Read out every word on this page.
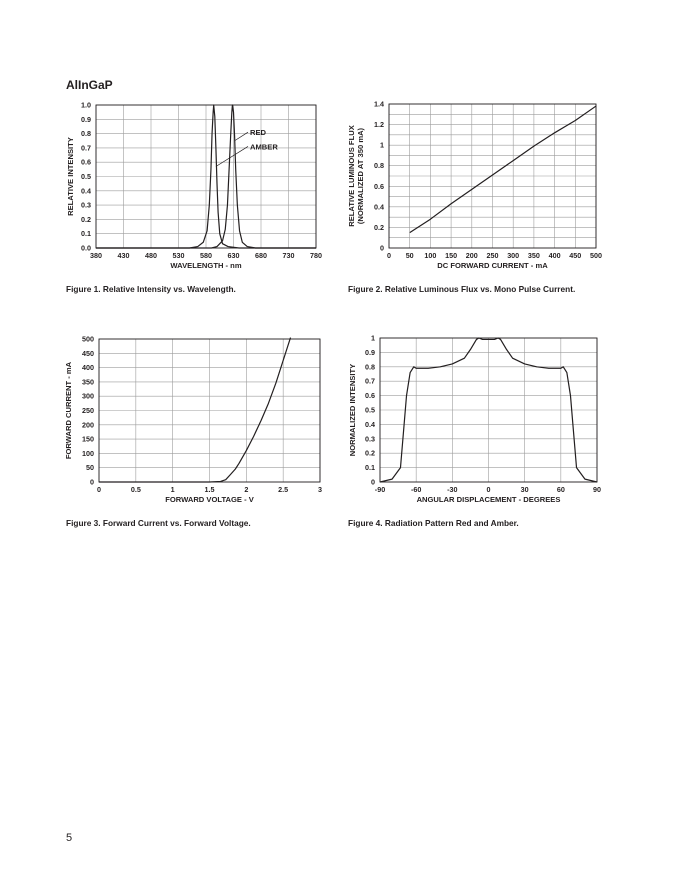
AlInGaP
380 430 480 530 580 630 680 730 780
0.0
0.1
0.2
0.3
0.4
0.5
0.6
0.7
0.8
0.9
1.0
WAVELENGTH - nm
RELATIVE INTENSITY
RED
AMBER
0 50 100 150 200 250 300 350 400 450 500
0
0.2
0.4
0.6
0.8
1
1.2
1.4
DC FORWARD CURRENT - mA
RELATIVE LUMINOUS FLUX (NORMALIZED AT 350 mA)
0	0.5	1	1.5	2	2.5	3
0
50
100
150
200
250
300
350
400
450
500
FORWARD VOLTAGE - V
FORWARD CURRENT - mA
-90	-60	-30	0	30	60	90
0
0.1
0.2
0.3
0.4
0.5
0.6
0.7
0.8
0.9
1
ANGULAR DISPLACEMENT - DEGREES
NORMALIZED INTENSITY
Figure 1. Relative Intensity vs. Wavelength.	Figure 2. Relative Luminous Flux vs. Mono Pulse Current.
Figure 3. Forward Current vs. Forward Voltage.	Figure 4. Radiation Pattern Red and Amber.
5
